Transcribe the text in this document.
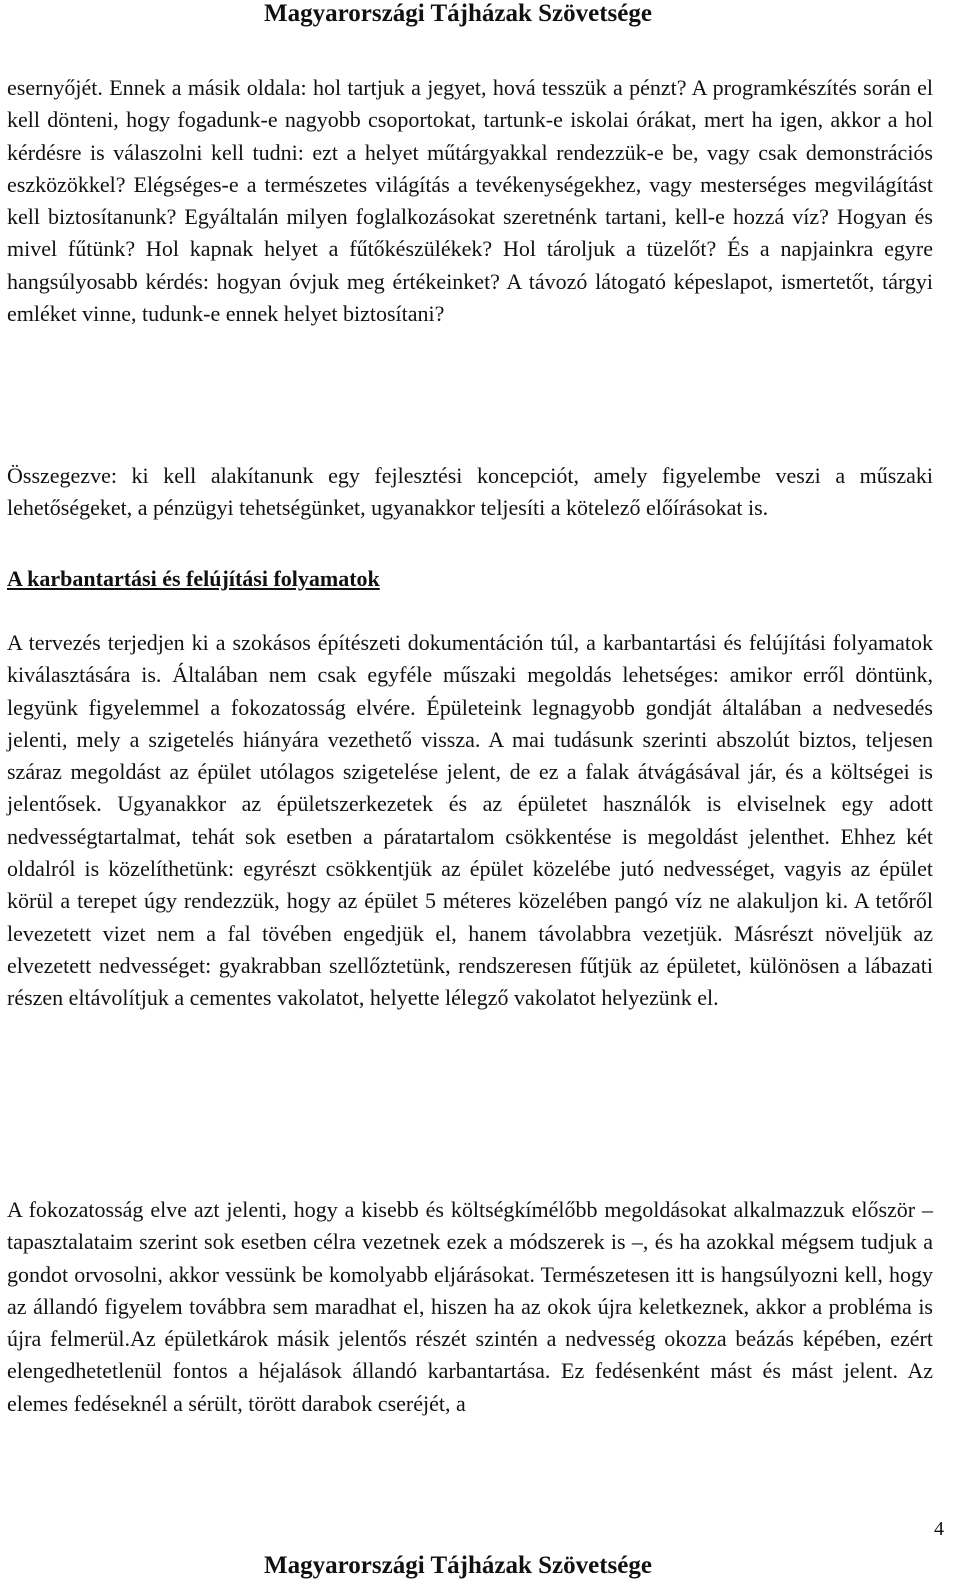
Magyarországi Tájházak Szövetsége

esernyőjét. Ennek a másik oldala: hol tartjuk a jegyet, hová tesszük a pénzt? A programkészítés során el kell dönteni, hogy fogadunk-e nagyobb csoportokat, tartunk-e iskolai órákat, mert ha igen, akkor a hol kérdésre is válaszolni kell tudni: ezt a helyet műtárgyakkal rendezzük-e be, vagy csak demonstrációs eszközökkel? Elégséges-e a természetes világítás a tevékenységekhez, vagy mesterséges megvilágítást kell biztosítanunk? Egyáltalán milyen foglalkozásokat szeretnénk tartani, kell-e hozzá víz? Hogyan és mivel fűtünk? Hol kapnak helyet a fűtőkészülékek? Hol tároljuk a tüzelőt? És a napjainkra egyre hangsúlyosabb kérdés: hogyan óvjuk meg értékeinket? A távozó látogató képeslapot, ismertetőt, tárgyi emléket vinne, tudunk-e ennek helyet biztosítani?

Összegezve: ki kell alakítanunk egy fejlesztési koncepciót, amely figyelembe veszi a műszaki lehetőségeket, a pénzügyi tehetségünket, ugyanakkor teljesíti a kötelező előírásokat is.

A karbantartási és felújítási folyamatok

A tervezés terjedjen ki a szokásos építészeti dokumentáción túl, a karbantartási és felújítási folyamatok kiválasztására is. Általában nem csak egyféle műszaki megoldás lehetséges: amikor erről döntünk, legyünk figyelemmel a fokozatosság elvére. Épületeink legnagyobb gondját általában a nedvesedés jelenti, mely a szigetelés hiányára vezethető vissza. A mai tudásunk szerinti abszolút biztos, teljesen száraz megoldást az épület utólagos szigetelése jelent, de ez a falak átvágásával jár, és a költségei is jelentősek. Ugyanakkor az épületszerkezetek és az épületet használók is elviselnek egy adott nedvességtartalmat, tehát sok esetben a páratartalom csökkentése is megoldást jelenthet. Ehhez két oldalról is közelíthetünk: egyrészt csökkentjük az épület közelébe jutó nedvességet, vagyis az épület körül a terepet úgy rendezzük, hogy az épület 5 méteres közelében pangó víz ne alakuljon ki. A tetőről levezetett vizet nem a fal tövében engedjük el, hanem távolabbra vezetjük. Másrészt növeljük az elvezetett nedvességet: gyakrabban szellőztetünk, rendszeresen fűtjük az épületet, különösen a lábazati részen eltávolítjuk a cementes vakolatot, helyette lélegző vakolatot helyezünk el.

A fokozatosság elve azt jelenti, hogy a kisebb és költségkímélőbb megoldásokat alkalmazzuk először – tapasztalataim szerint sok esetben célra vezetnek ezek a módszerek is –, és ha azokkal mégsem tudjuk a gondot orvosolni, akkor vessünk be komolyabb eljárásokat. Természetesen itt is hangsúlyozni kell, hogy az állandó figyelem továbbra sem maradhat el, hiszen ha az okok újra keletkeznek, akkor a probléma is újra felmerül.Az épületkárok másik jelentős részét szintén a nedvesség okozza beázás képében, ezért elengedhetetlenül fontos a héjalások állandó karbantartása. Ez fedésenként mást és mást jelent. Az elemes fedéseknél a sérült, törött darabok cseréjét, a

4
Magyarországi Tájházak Szövetsége
